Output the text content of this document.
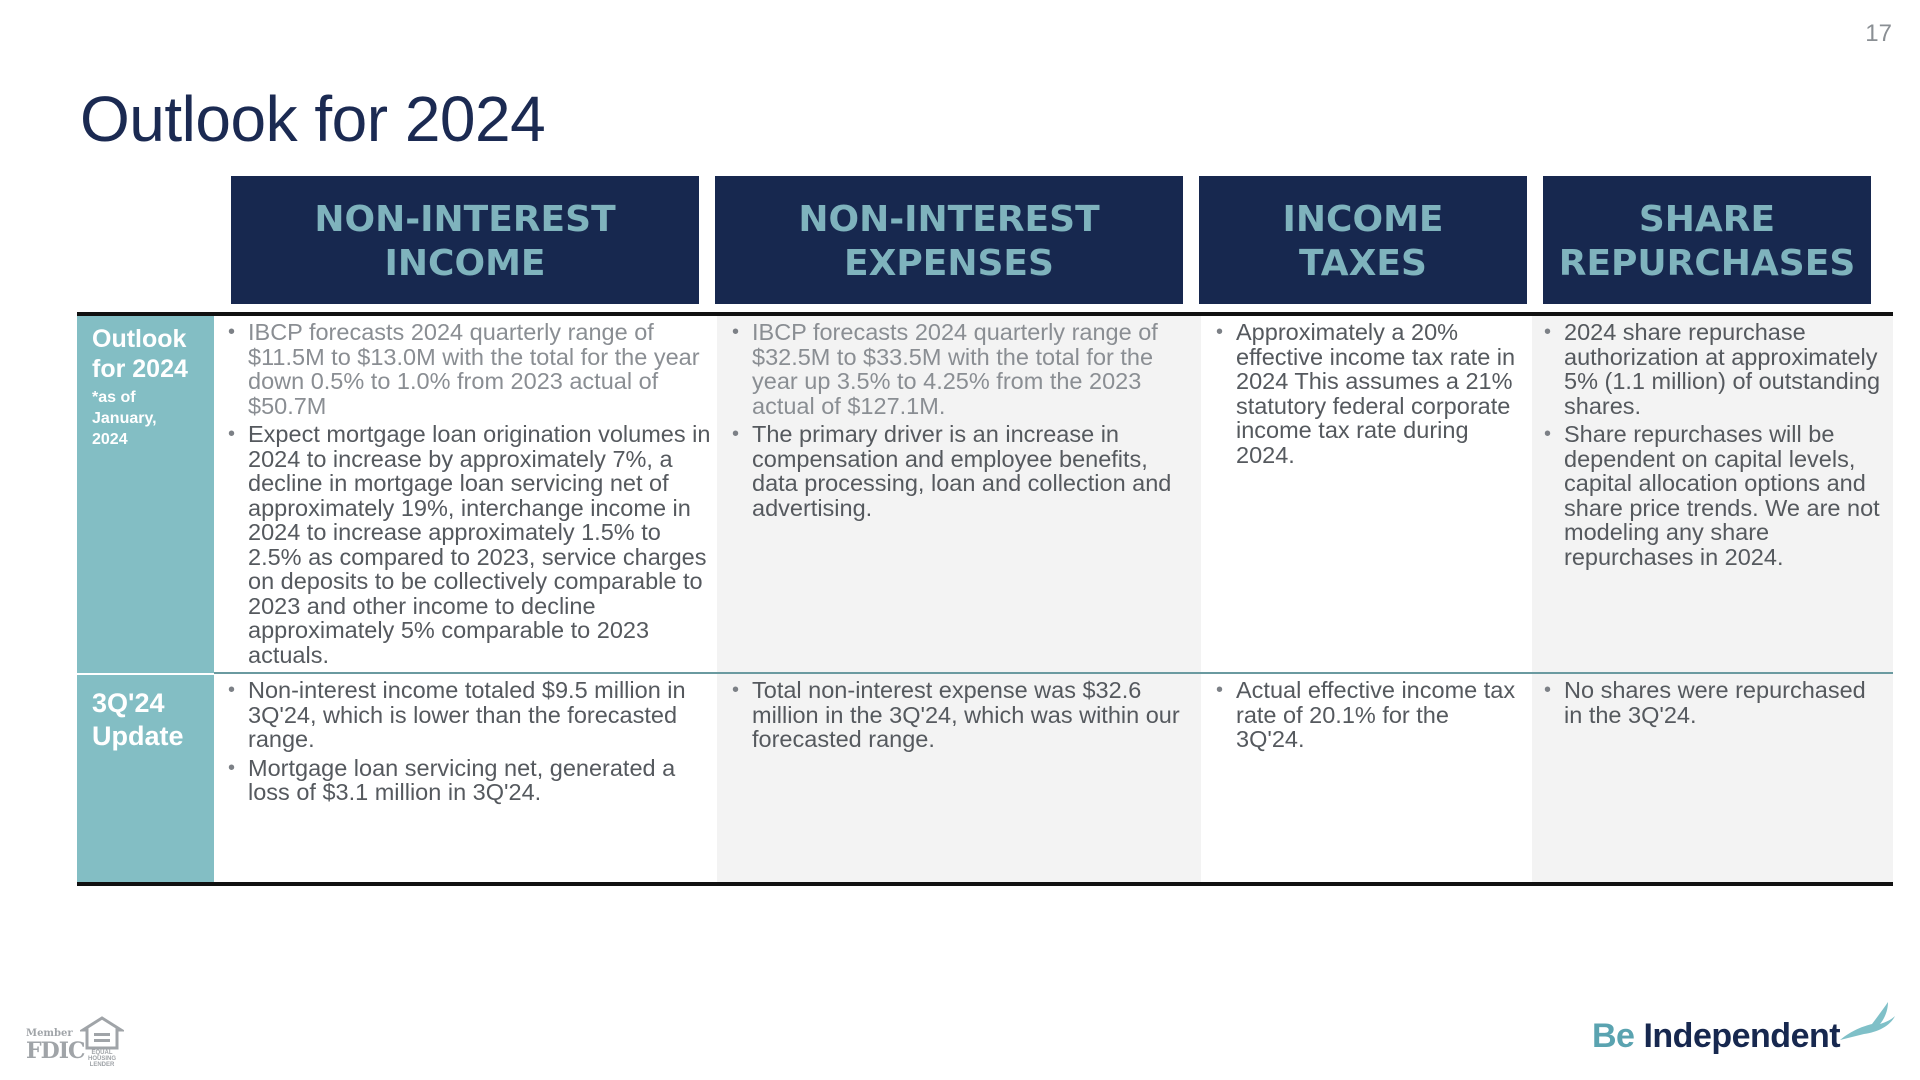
17
Outlook for 2024
NON-INTEREST
INCOME
NON-INTEREST
EXPENSES
INCOME
TAXES
SHARE
REPURCHASES
Outlook
for 2024
*as of
January,
2024
3Q'24
Update
• IBCP forecasts 2024 quarterly range of $11.5M to $13.0M with the total for the year down 0.5% to 1.0% from 2023 actual of $50.7M
• Expect mortgage loan origination volumes in 2024 to increase by approximately 7%, a decline in mortgage loan servicing net of approximately 19%, interchange income in 2024 to increase approximately 1.5% to 2.5% as compared to 2023, service charges on deposits to be collectively comparable to 2023 and other income to decline approximately 5% comparable to 2023 actuals.
• IBCP forecasts 2024 quarterly range of $32.5M to $33.5M with the total for the year up 3.5% to 4.25% from the 2023 actual of $127.1M.
• The primary driver is an increase in compensation and employee benefits, data processing, loan and collection and advertising.
• Approximately a 20% effective income tax rate in 2024 This assumes a 21% statutory federal corporate income tax rate during 2024.
• 2024 share repurchase authorization at approximately 5% (1.1 million) of outstanding shares.
• Share repurchases will be dependent on capital levels, capital allocation options and share price trends. We are not modeling any share repurchases in 2024.
• Non-interest income totaled $9.5 million in 3Q'24, which is lower than the forecasted range.
• Mortgage loan servicing net, generated a loss of $3.1 million in 3Q'24.
• Total non-interest expense was $32.6 million in the 3Q'24, which was within our forecasted range.
• Actual effective income tax rate of 20.1% for the 3Q'24.
• No shares were repurchased in the 3Q'24.
Member
FDIC	EQUAL HOUSING
LENDER
Be Independent
